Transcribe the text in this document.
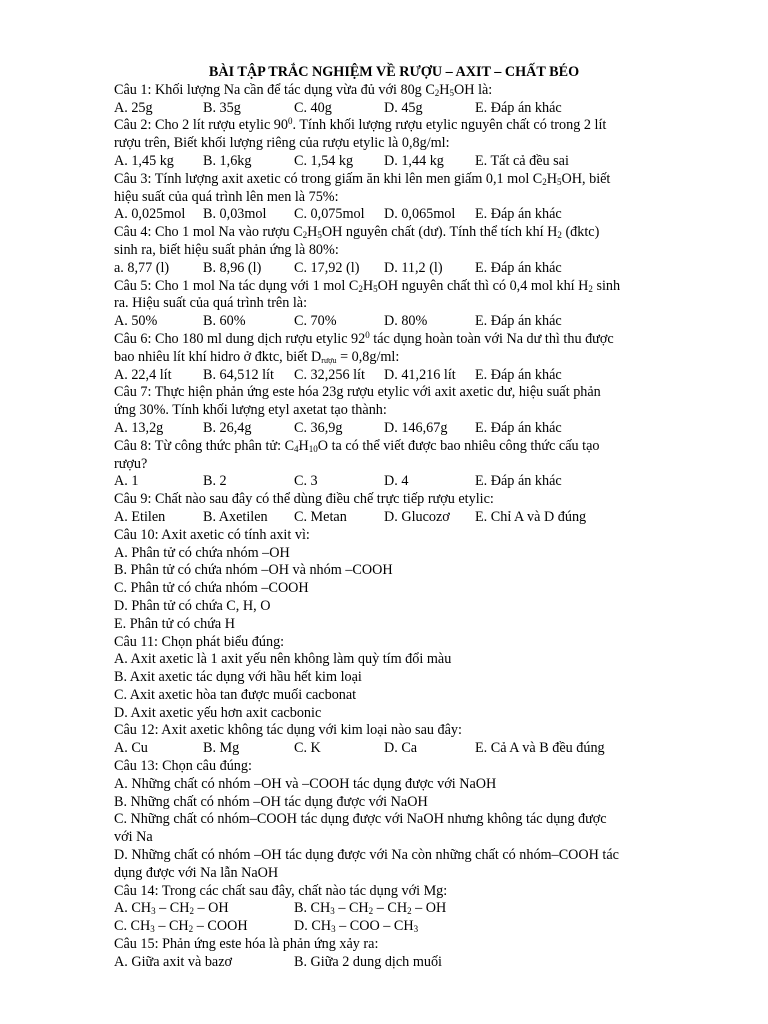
BÀI TẬP TRẮC NGHIỆM VỀ RƯỢU – AXIT – CHẤT BÉO
Câu 1: Khối lượng Na cần để tác dụng vừa đủ với 80g $C_2H_5OH$ là:
A. 25g	B. 35g	C. 40g	D. 45g	E. Đáp án khác
Câu 2: Cho 2 lít rượu etylic $90^0$. Tính khối lượng rượu etylic nguyên chất có trong 2 lít
rượu trên, Biết khối lượng riêng của rượu etylic là 0,8g/ml:
A. 1,45 kg	B. 1,6kg	C. 1,54 kg	D. 1,44 kg	E. Tất cả đều sai
Câu 3: Tính lượng axit axetic có trong giấm ăn khi lên men giấm 0,1 mol $C_2H_5OH$, biết
hiệu suất của quá trình lên men là 75%:
A. 0,025mol	B. 0,03mol	C. 0,075mol	D. 0,065mol	E. Đáp án khác
Câu 4: Cho 1 mol Na vào rượu $C_2H_5OH$ nguyên chất (dư). Tính thể tích khí $H_2$ (đktc)
sinh ra, biết hiệu suất phản ứng là 80%:
a. 8,77 (l)	B. 8,96 (l)	C. 17,92 (l)	D. 11,2 (l)	E. Đáp án khác
Câu 5: Cho 1 mol Na tác dụng với 1 mol $C_2H_5OH$ nguyên chất thì có 0,4 mol khí $H_2$ sinh
ra. Hiệu suất của quá trình trên là:
A. 50%	B. 60%	C. 70%	D. 80%	E. Đáp án khác
Câu 6: Cho 180 ml dung dịch rượu etylic $92^0$ tác dụng hoàn toàn với Na dư thì thu được
bao nhiêu lít khí hidro ở đktc, biết Drượu = 0,8g/ml:
A. 22,4 lít	B. 64,512 lít	C. 32,256 lít	D. 41,216 lít	E. Đáp án khác
Câu 7: Thực hiện phản ứng este hóa 23g rượu etylic với axit axetic dư, hiệu suất phản
ứng 30%. Tính khối lượng etyl axetat tạo thành:
A. 13,2g	B. 26,4g	C. 36,9g	D. 146,67g	E. Đáp án khác
Câu 8: Từ công thức phân tử: $C_4H_{10}O$ ta có thể viết được bao nhiêu công thức cấu tạo
rượu?
A. 1	B. 2	C. 3	D. 4	E. Đáp án khác
Câu 9: Chất nào sau đây có thể dùng điều chế trực tiếp rượu etylic:
A. Etilen	B. Axetilen	C. Metan	D. Glucozơ	E. Chỉ A và D đúng
Câu 10: Axit axetic có tính axit vì:
A. Phân tử có chứa nhóm –OH
B. Phân tử có chứa nhóm –OH và nhóm –COOH
C. Phân tử có chứa nhóm –COOH
D. Phân tử có chứa C, H, O
E. Phân tử có chứa H
Câu 11: Chọn phát biểu đúng:
A. Axit axetic là 1 axit yếu nên không làm quỳ tím đổi màu
B. Axit axetic tác dụng với hầu hết kim loại
C. Axit axetic hòa tan được muối cacbonat
D. Axit axetic yếu hơn axit cacbonic
Câu 12: Axit axetic không tác dụng với kim loại nào sau đây:
A. Cu	B. Mg	C. K	D. Ca	E. Cả A và B đều đúng
Câu 13: Chọn câu đúng:
A. Những chất có nhóm –OH và –COOH tác dụng được với NaOH
B. Những chất có nhóm –OH tác dụng được với NaOH
C. Những chất có nhóm–COOH tác dụng được với NaOH nhưng không tác dụng được
với Na
D. Những chất có nhóm –OH tác dụng được với Na còn những chất có nhóm–COOH tác
dụng được với Na lẫn NaOH
Câu 14: Trong các chất sau đây, chất nào tác dụng với Mg:
A. $CH_3 - CH_2$ – OH	B. $CH_3 - CH_2 - CH_2$ – OH
C. $CH_3 - CH_2$ – COOH	D. $CH_3$ – COO – $CH_3$
Câu 15: Phản ứng este hóa là phản ứng xảy ra:
A. Giữa axit và bazơ	B. Giữa 2 dung dịch muối
